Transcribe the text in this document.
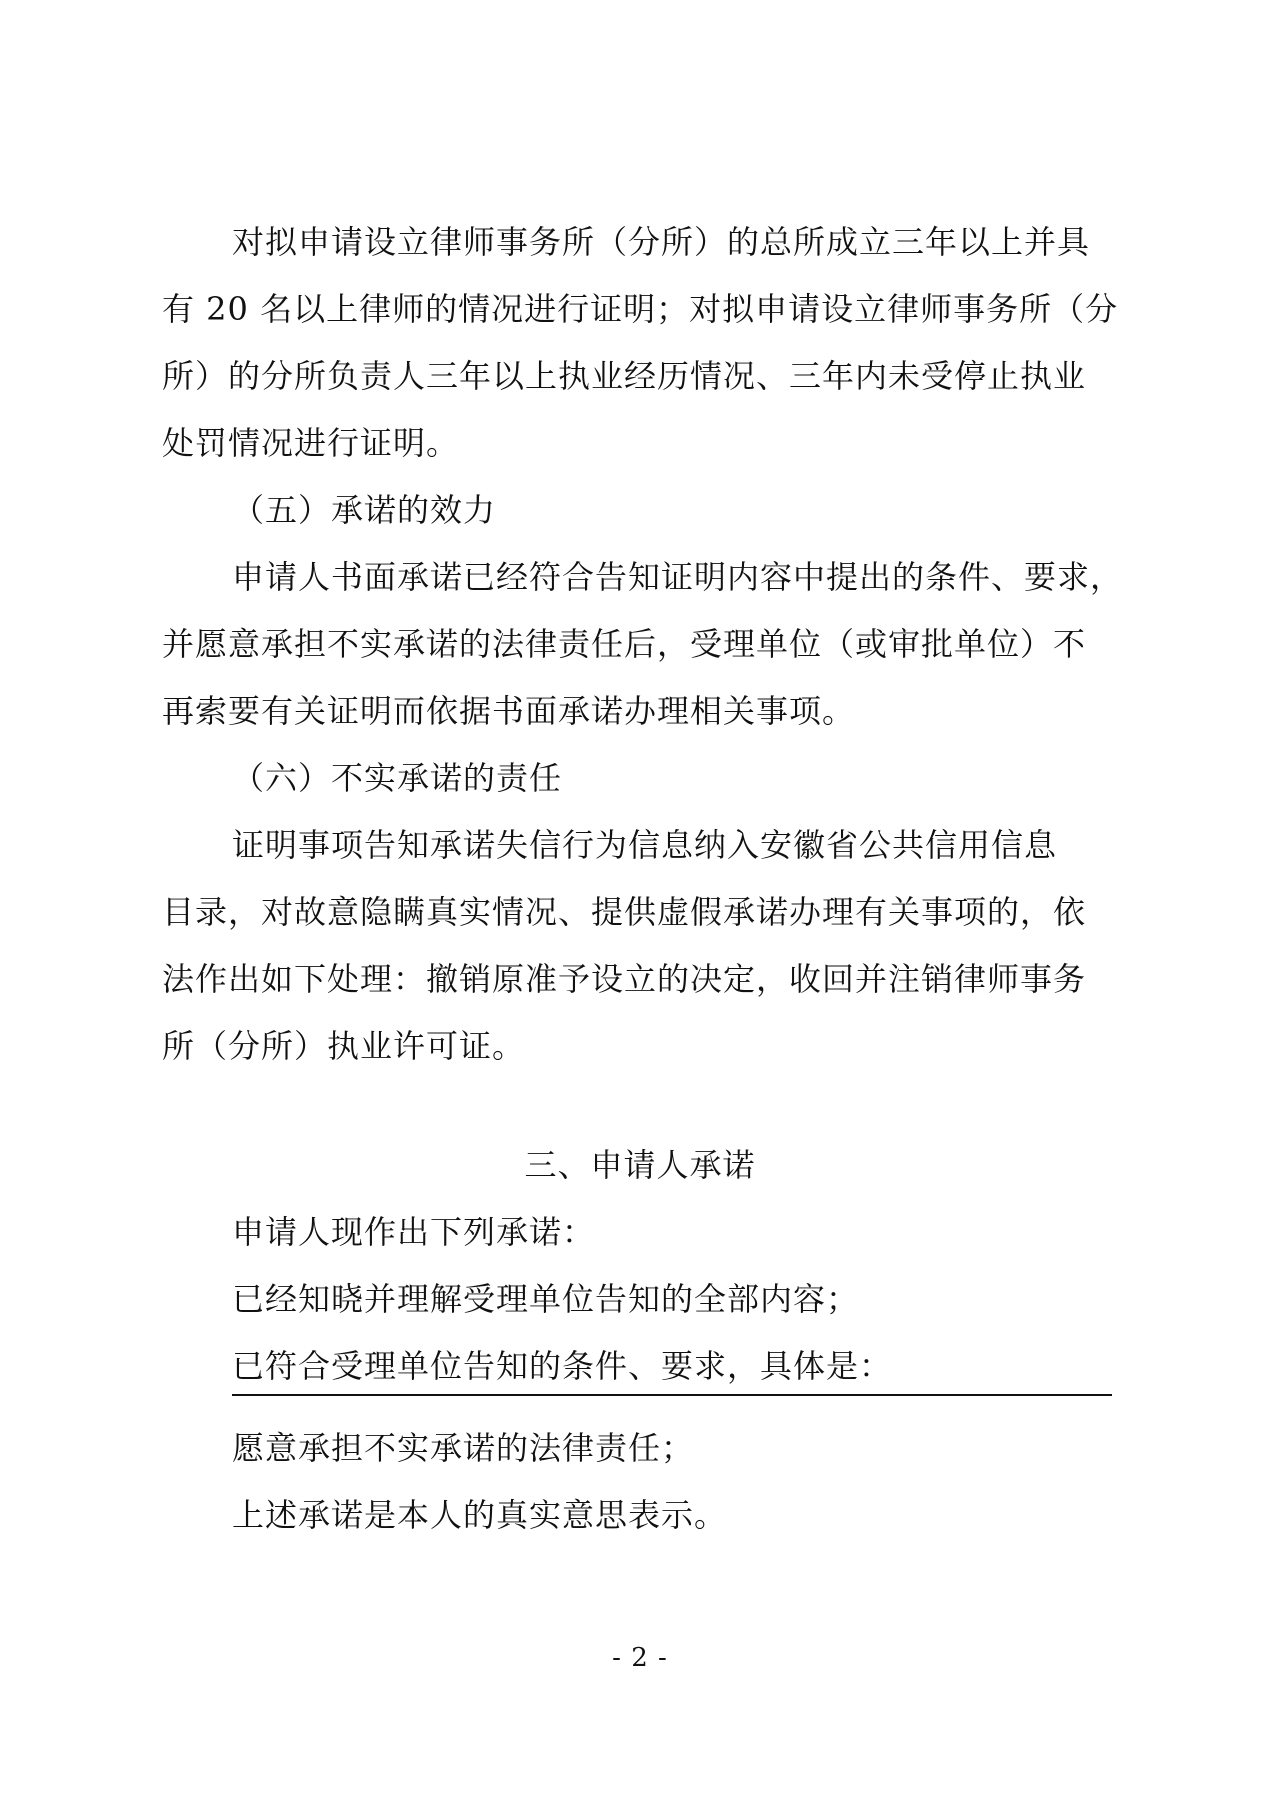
对拟申请设立律师事务所（分所）的总所成立三年以上并具
有 20 名以上律师的情况进行证明；对拟申请设立律师事务所（分
所）的分所负责人三年以上执业经历情况、三年内未受停止执业
处罚情况进行证明。
（五）承诺的效力
申请人书面承诺已经符合告知证明内容中提出的条件、要求，
并愿意承担不实承诺的法律责任后，受理单位（或审批单位）不
再索要有关证明而依据书面承诺办理相关事项。
（六）不实承诺的责任
证明事项告知承诺失信行为信息纳入安徽省公共信用信息
目录，对故意隐瞒真实情况、提供虚假承诺办理有关事项的，依
法作出如下处理：撤销原准予设立的决定，收回并注销律师事务
所（分所）执业许可证。
三、申请人承诺
申请人现作出下列承诺：
已经知晓并理解受理单位告知的全部内容；
已符合受理单位告知的条件、要求，具体是：
愿意承担不实承诺的法律责任；
上述承诺是本人的真实意思表示。
- 2 -
